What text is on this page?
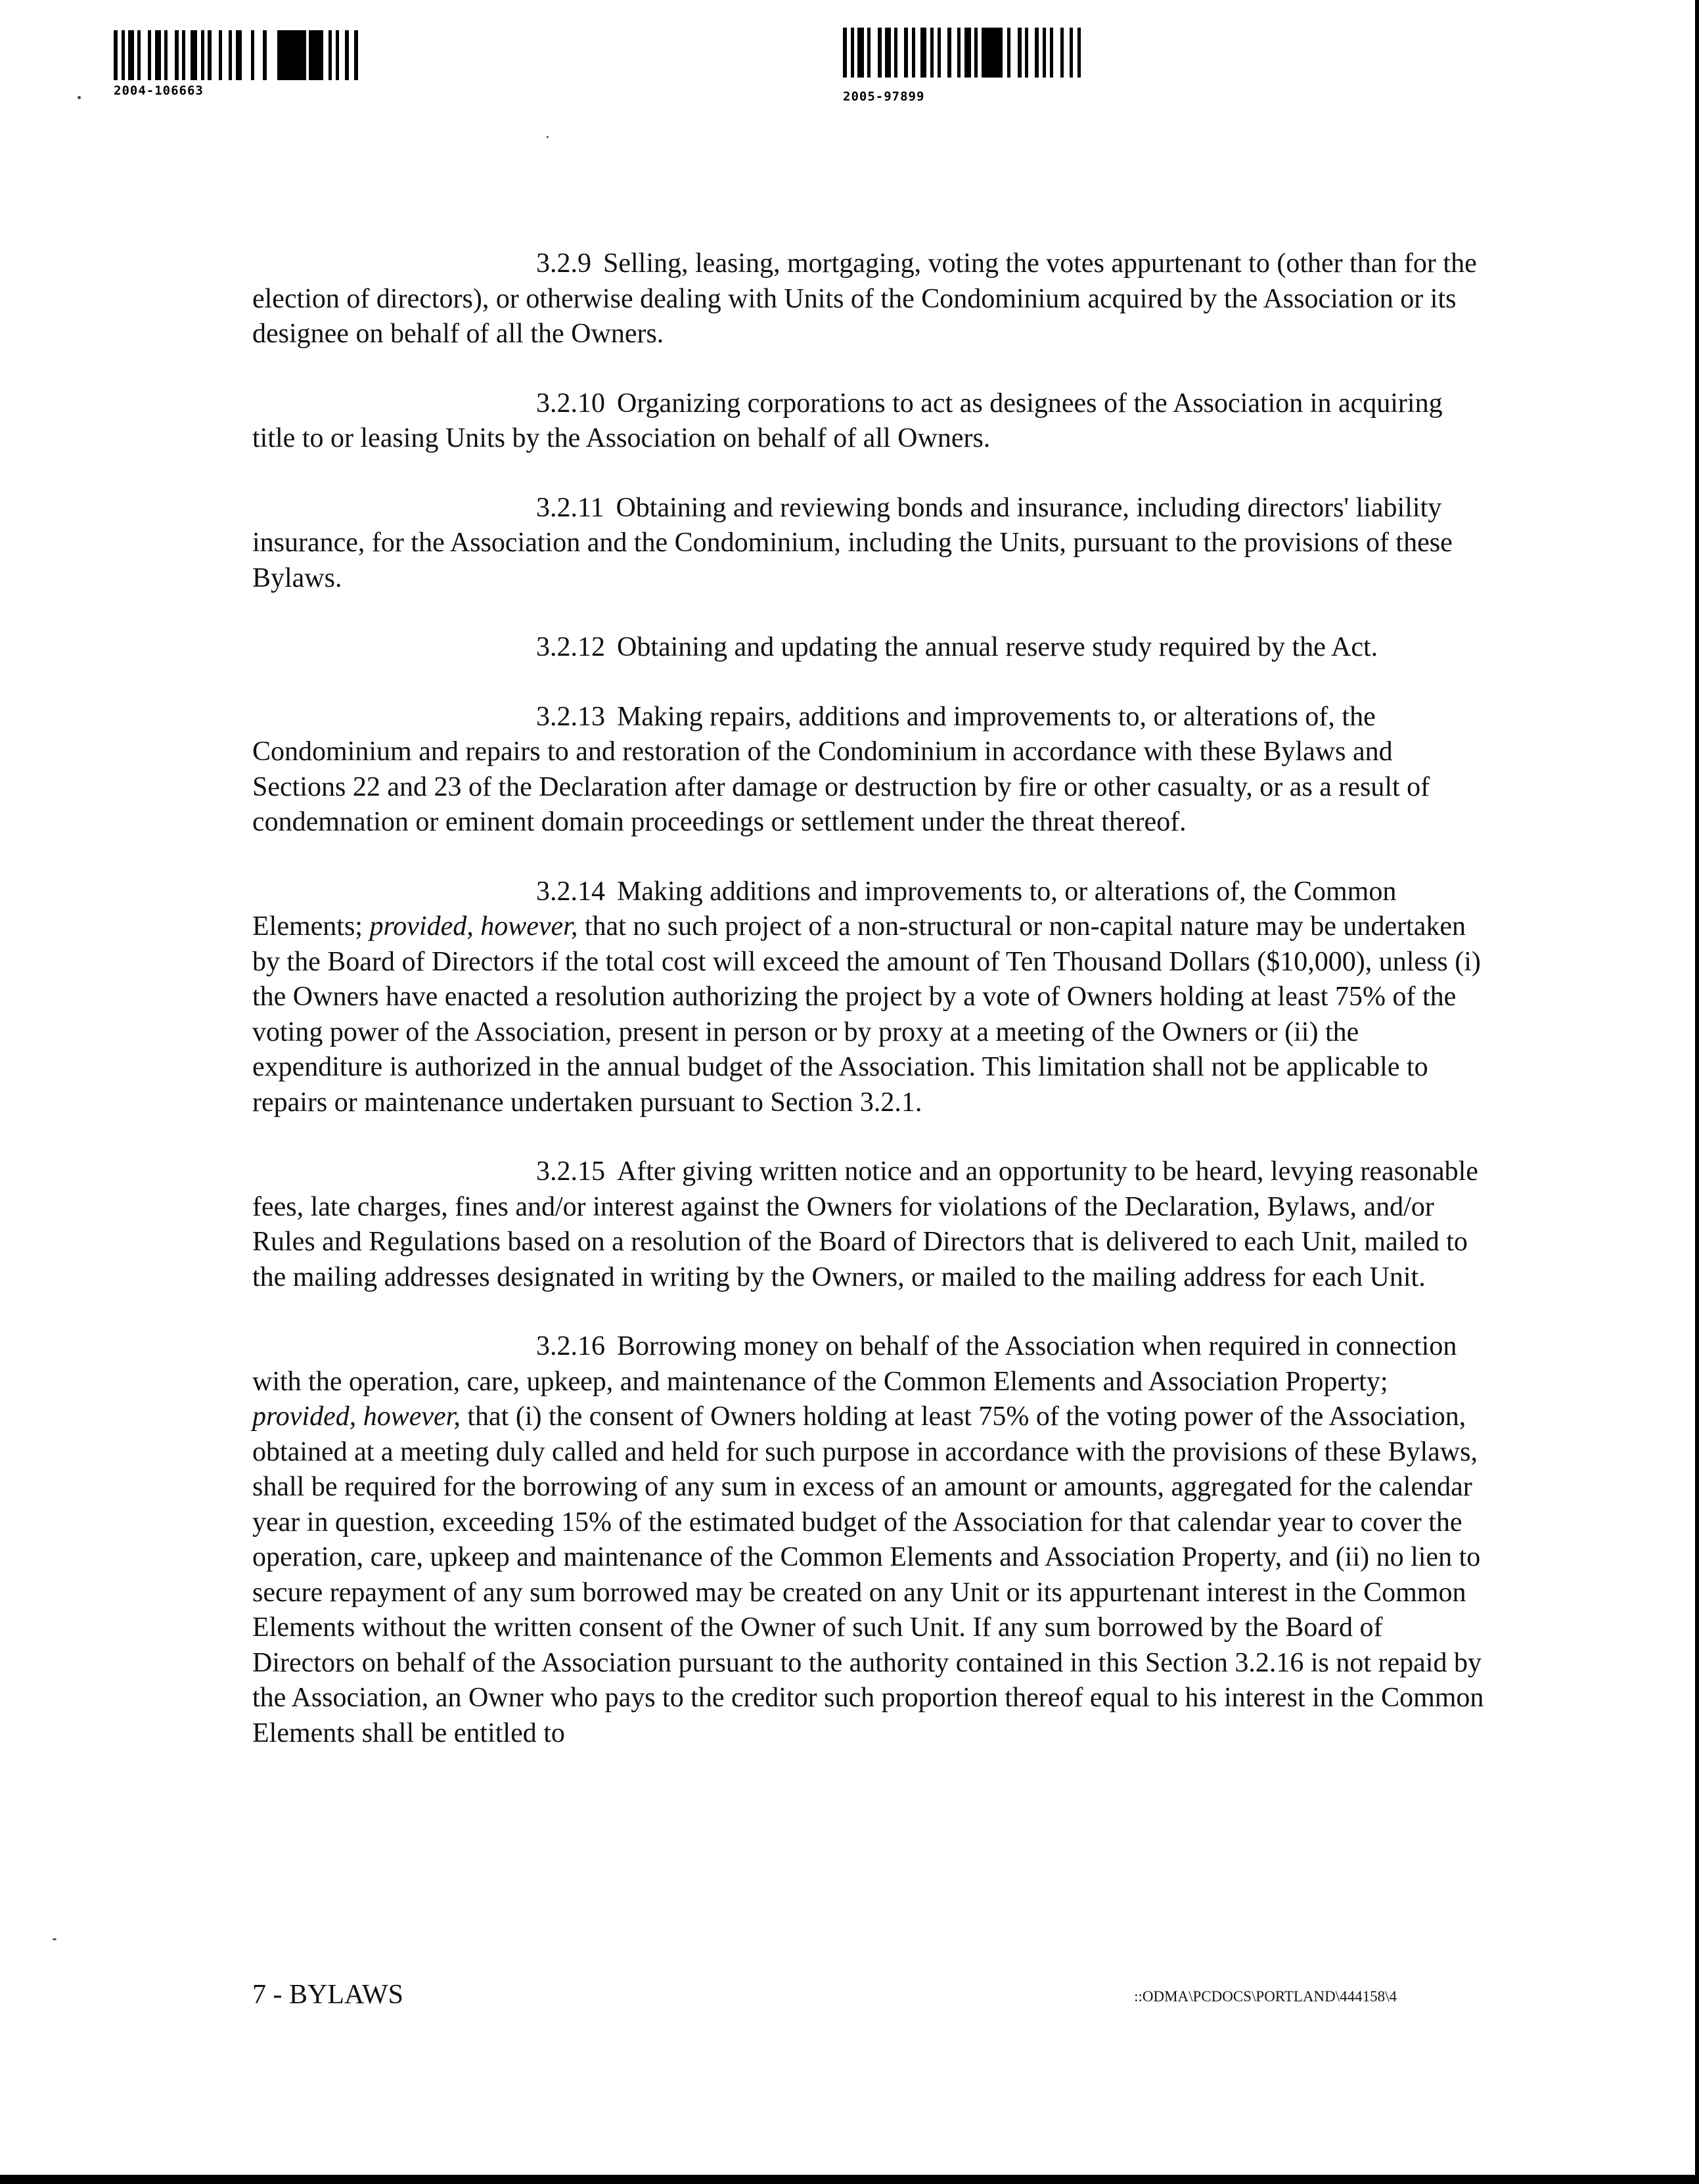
2004-106663	2005-97899

3.2.9 Selling, leasing, mortgaging, voting the votes appurtenant to (other than for the election of directors), or otherwise dealing with Units of the Condominium acquired by the Association or its designee on behalf of all the Owners.

3.2.10 Organizing corporations to act as designees of the Association in acquiring title to or leasing Units by the Association on behalf of all Owners.

3.2.11 Obtaining and reviewing bonds and insurance, including directors' liability insurance, for the Association and the Condominium, including the Units, pursuant to the provisions of these Bylaws.

3.2.12 Obtaining and updating the annual reserve study required by the Act.

3.2.13 Making repairs, additions and improvements to, or alterations of, the Condominium and repairs to and restoration of the Condominium in accordance with these Bylaws and Sections 22 and 23 of the Declaration after damage or destruction by fire or other casualty, or as a result of condemnation or eminent domain proceedings or settlement under the threat thereof.

3.2.14 Making additions and improvements to, or alterations of, the Common Elements; provided, however, that no such project of a non-structural or non-capital nature may be undertaken by the Board of Directors if the total cost will exceed the amount of Ten Thousand Dollars ($10,000), unless (i) the Owners have enacted a resolution authorizing the project by a vote of Owners holding at least 75% of the voting power of the Association, present in person or by proxy at a meeting of the Owners or (ii) the expenditure is authorized in the annual budget of the Association. This limitation shall not be applicable to repairs or maintenance undertaken pursuant to Section 3.2.1.

3.2.15 After giving written notice and an opportunity to be heard, levying reasonable fees, late charges, fines and/or interest against the Owners for violations of the Declaration, Bylaws, and/or Rules and Regulations based on a resolution of the Board of Directors that is delivered to each Unit, mailed to the mailing addresses designated in writing by the Owners, or mailed to the mailing address for each Unit.

3.2.16 Borrowing money on behalf of the Association when required in connection with the operation, care, upkeep, and maintenance of the Common Elements and Association Property; provided, however, that (i) the consent of Owners holding at least 75% of the voting power of the Association, obtained at a meeting duly called and held for such purpose in accordance with the provisions of these Bylaws, shall be required for the borrowing of any sum in excess of an amount or amounts, aggregated for the calendar year in question, exceeding 15% of the estimated budget of the Association for that calendar year to cover the operation, care, upkeep and maintenance of the Common Elements and Association Property, and (ii) no lien to secure repayment of any sum borrowed may be created on any Unit or its appurtenant interest in the Common Elements without the written consent of the Owner of such Unit. If any sum borrowed by the Board of Directors on behalf of the Association pursuant to the authority contained in this Section 3.2.16 is not repaid by the Association, an Owner who pays to the creditor such proportion thereof equal to his interest in the Common Elements shall be entitled to

7 - BYLAWS	::ODMA\PCDOCS\PORTLAND\444158\4
